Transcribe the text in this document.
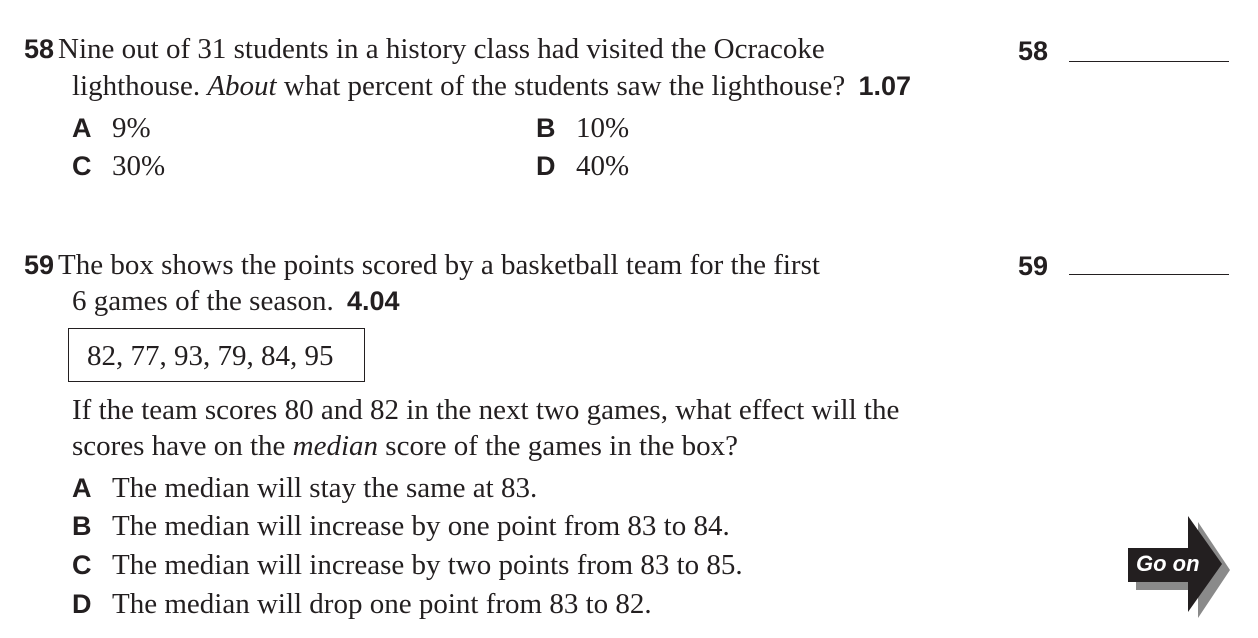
58 Nine out of 31 students in a history class had visited the Ocracoke
lighthouse. About what percent of the students saw the lighthouse? 1.07
A 9%	B 10%
C 30%	D 40%
58
59 The box shows the points scored by a basketball team for the first
6 games of the season. 4.04
82, 77, 93, 79, 84, 95
If the team scores 80 and 82 in the next two games, what effect will the
scores have on the median score of the games in the box?
A The median will stay the same at 83.
B The median will increase by one point from 83 to 84.
C The median will increase by two points from 83 to 85.
D The median will drop one point from 83 to 82.
59
Go on
